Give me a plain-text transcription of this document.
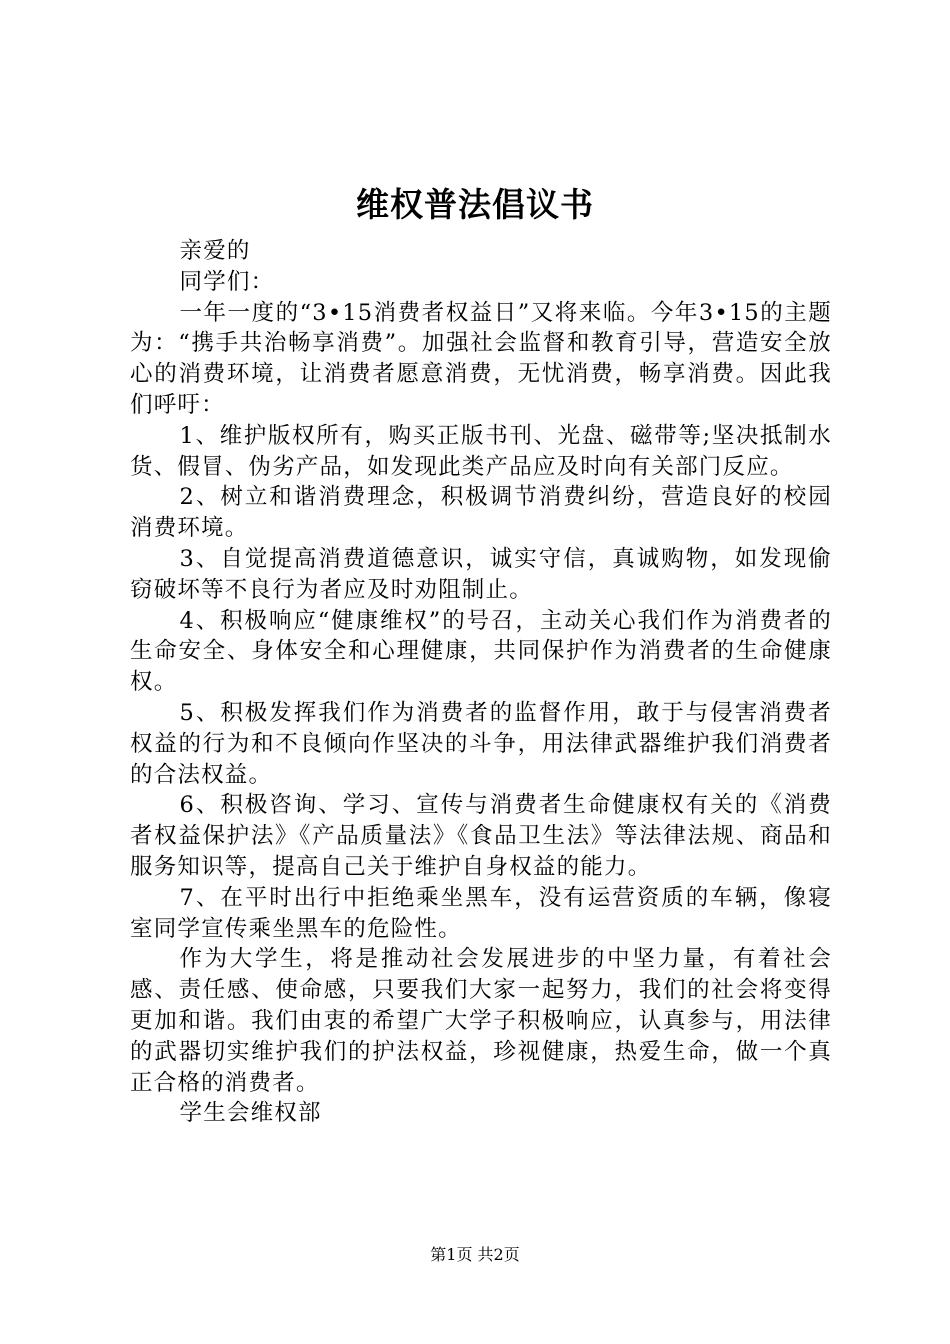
维权普法倡议书

亲爱的

同学们：

一年一度的“3•15消费者权益日”又将来临。今年3•15的主题为：“携手共治畅享消费”。加强社会监督和教育引导，营造安全放心的消费环境，让消费者愿意消费，无忧消费，畅享消费。因此我们呼吁：

1、维护版权所有，购买正版书刊、光盘、磁带等;坚决抵制水货、假冒、伪劣产品，如发现此类产品应及时向有关部门反应。

2、树立和谐消费理念，积极调节消费纠纷，营造良好的校园消费环境。

3、自觉提高消费道德意识，诚实守信，真诚购物，如发现偷窃破坏等不良行为者应及时劝阻制止。

4、积极响应“健康维权”的号召，主动关心我们作为消费者的生命安全、身体安全和心理健康，共同保护作为消费者的生命健康权。

5、积极发挥我们作为消费者的监督作用，敢于与侵害消费者权益的行为和不良倾向作坚决的斗争，用法律武器维护我们消费者的合法权益。

6、积极咨询、学习、宣传与消费者生命健康权有关的《消费者权益保护法》《产品质量法》《食品卫生法》等法律法规、商品和服务知识等，提高自己关于维护自身权益的能力。

7、在平时出行中拒绝乘坐黑车，没有运营资质的车辆，像寝室同学宣传乘坐黑车的危险性。

作为大学生，将是推动社会发展进步的中坚力量，有着社会感、责任感、使命感，只要我们大家一起努力，我们的社会将变得更加和谐。我们由衷的希望广大学子积极响应，认真参与，用法律的武器切实维护我们的护法权益，珍视健康，热爱生命，做一个真正合格的消费者。

学生会维权部

第1页 共2页
